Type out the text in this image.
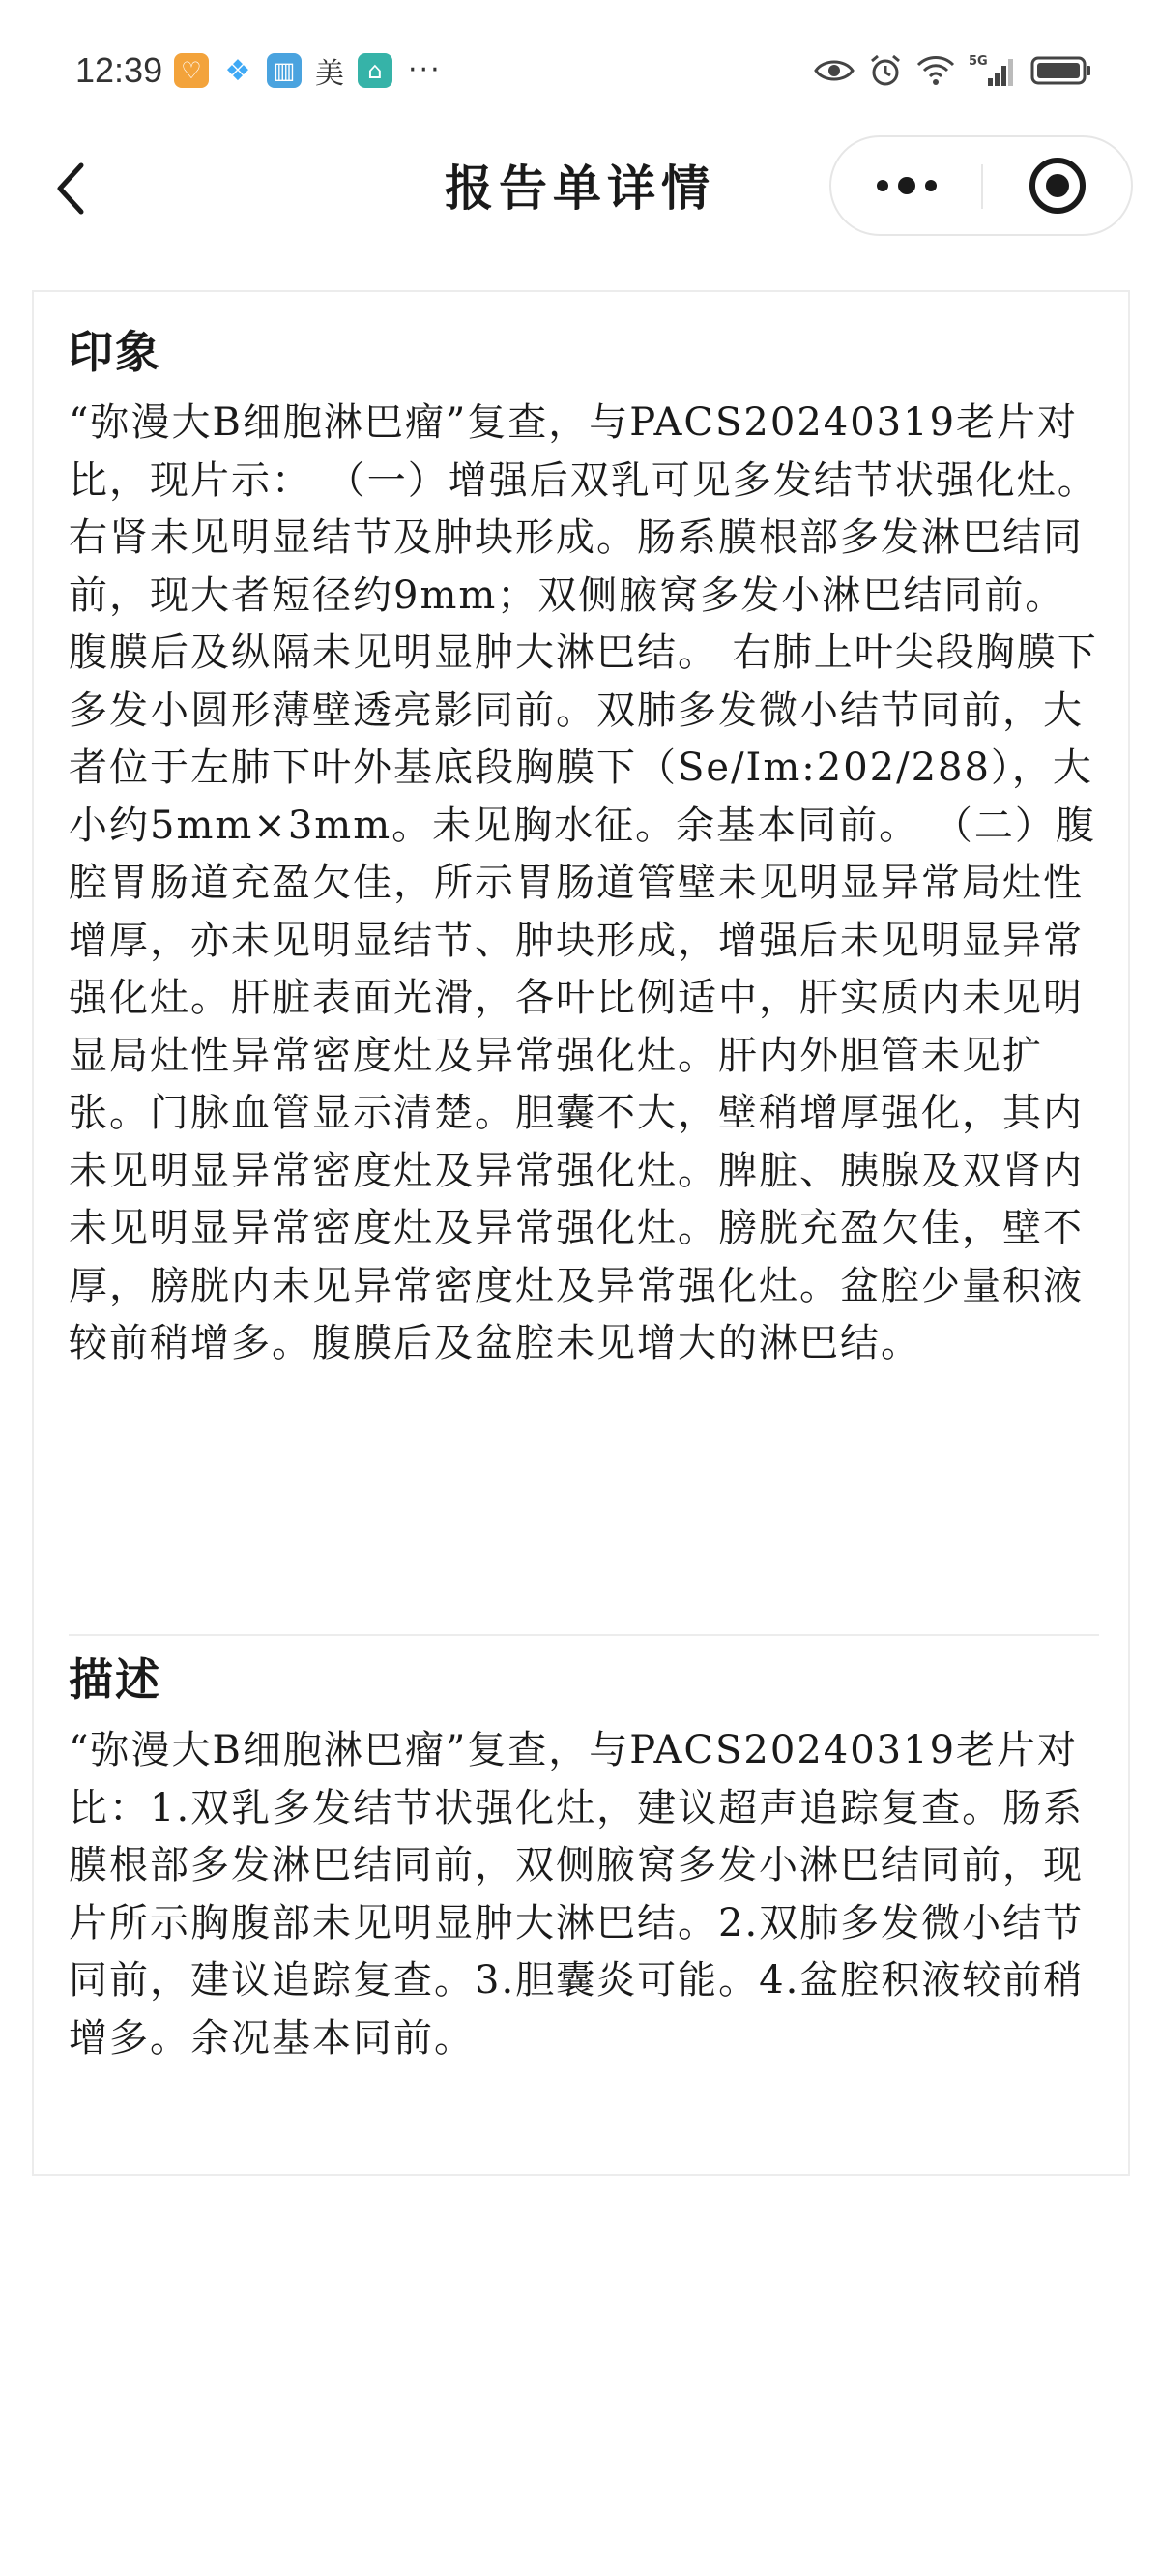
12:39 ♡ ❖ ▥ 美	⌂ ···	5G
报告单详情
印象

“弥漫大B细胞淋巴瘤”复查，与PACS20240319老片对比，现片示： （一）增强后双乳可见多发结节状强化灶。右肾未见明显结节及肿块形成。肠系膜根部多发淋巴结同前，现大者短径约9mm；双侧腋窝多发小淋巴结同前。腹膜后及纵隔未见明显肿大淋巴结。 右肺上叶尖段胸膜下多发小圆形薄壁透亮影同前。双肺多发微小结节同前，大者位于左肺下叶外基底段胸膜下（Se/Im:202/288），大小约5mm×3mm。未见胸水征。余基本同前。 （二）腹腔胃肠道充盈欠佳，所示胃肠道管壁未见明显异常局灶性增厚，亦未见明显结节、肿块形成，增强后未见明显异常强化灶。肝脏表面光滑，各叶比例适中，肝实质内未见明显局灶性异常密度灶及异常强化灶。肝内外胆管未见扩张。门脉血管显示清楚。胆囊不大，壁稍增厚强化，其内未见明显异常密度灶及异常强化灶。脾脏、胰腺及双肾内未见明显异常密度灶及异常强化灶。膀胱充盈欠佳，壁不厚，膀胱内未见异常密度灶及异常强化灶。盆腔少量积液较前稍增多。腹膜后及盆腔未见增大的淋巴结。

描述

“弥漫大B细胞淋巴瘤”复查，与PACS20240319老片对比：1.双乳多发结节状强化灶，建议超声追踪复查。肠系膜根部多发淋巴结同前，双侧腋窝多发小淋巴结同前，现片所示胸腹部未见明显肿大淋巴结。2.双肺多发微小结节同前，建议追踪复查。3.胆囊炎可能。4.盆腔积液较前稍增多。余况基本同前。
